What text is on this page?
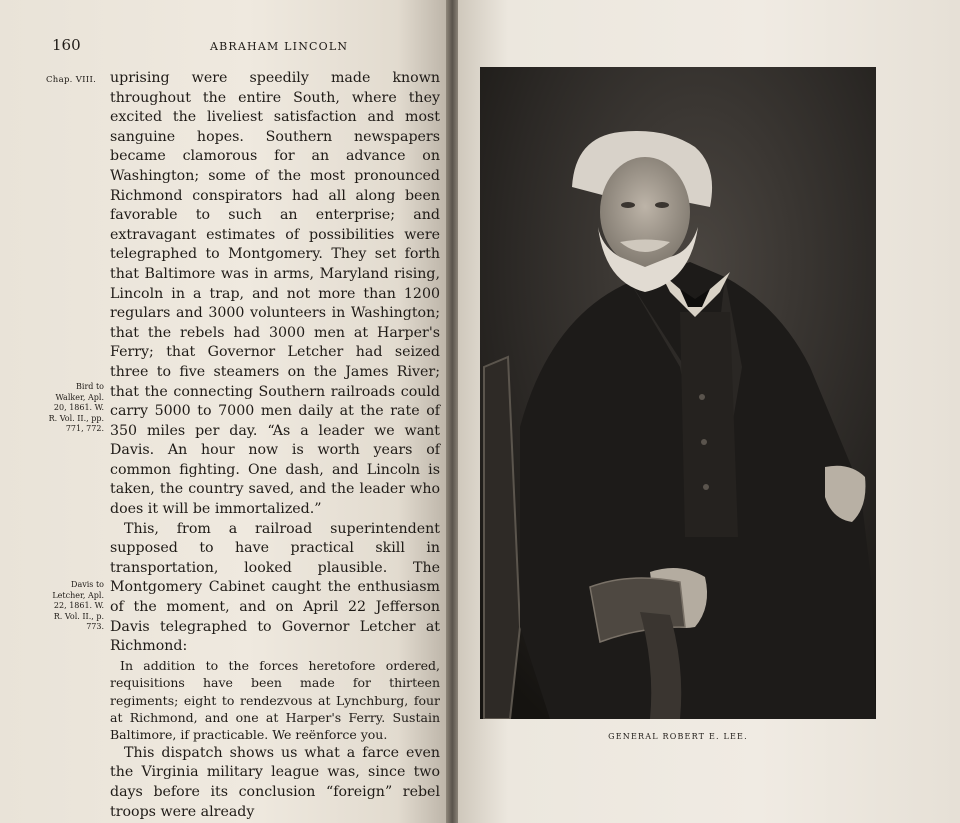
160	ABRAHAM LINCOLN
Chap. VIII.
Bird to Walker, Apl. 20, 1861. W. R. Vol. II., pp. 771, 772.
Davis to Letcher, Apl. 22, 1861. W. R. Vol. II., p. 773.

uprising were speedily made known throughout the entire South, where they excited the liveliest satisfaction and most sanguine hopes. Southern newspapers became clamorous for an advance on Washington; some of the most pronounced Richmond conspirators had all along been favorable to such an enterprise; and extravagant estimates of possibilities were telegraphed to Montgomery. They set forth that Baltimore was in arms, Maryland rising, Lincoln in a trap, and not more than 1200 regulars and 3000 volunteers in Washington; that the rebels had 3000 men at Harper's Ferry; that Governor Letcher had seized three to five steamers on the James River; that the connecting Southern railroads could carry 5000 to 7000 men daily at the rate of 350 miles per day. “As a leader we want Davis. An hour now is worth years of common fighting. One dash, and Lincoln is taken, the country saved, and the leader who does it will be immortalized.”

This, from a railroad superintendent supposed to have practical skill in transportation, looked plausible. The Montgomery Cabinet caught the enthusiasm of the moment, and on April 22 Jefferson Davis telegraphed to Governor Letcher at Richmond:

In addition to the forces heretofore ordered, requisitions have been made for thirteen regiments; eight to rendezvous at Lynchburg, four at Richmond, and one at Harper's Ferry. Sustain Baltimore, if practicable. We reënforce you.

This dispatch shows us what a farce even the Virginia military league was, since two days before its conclusion “foreign” rebel troops were already

GENERAL ROBERT E. LEE.
